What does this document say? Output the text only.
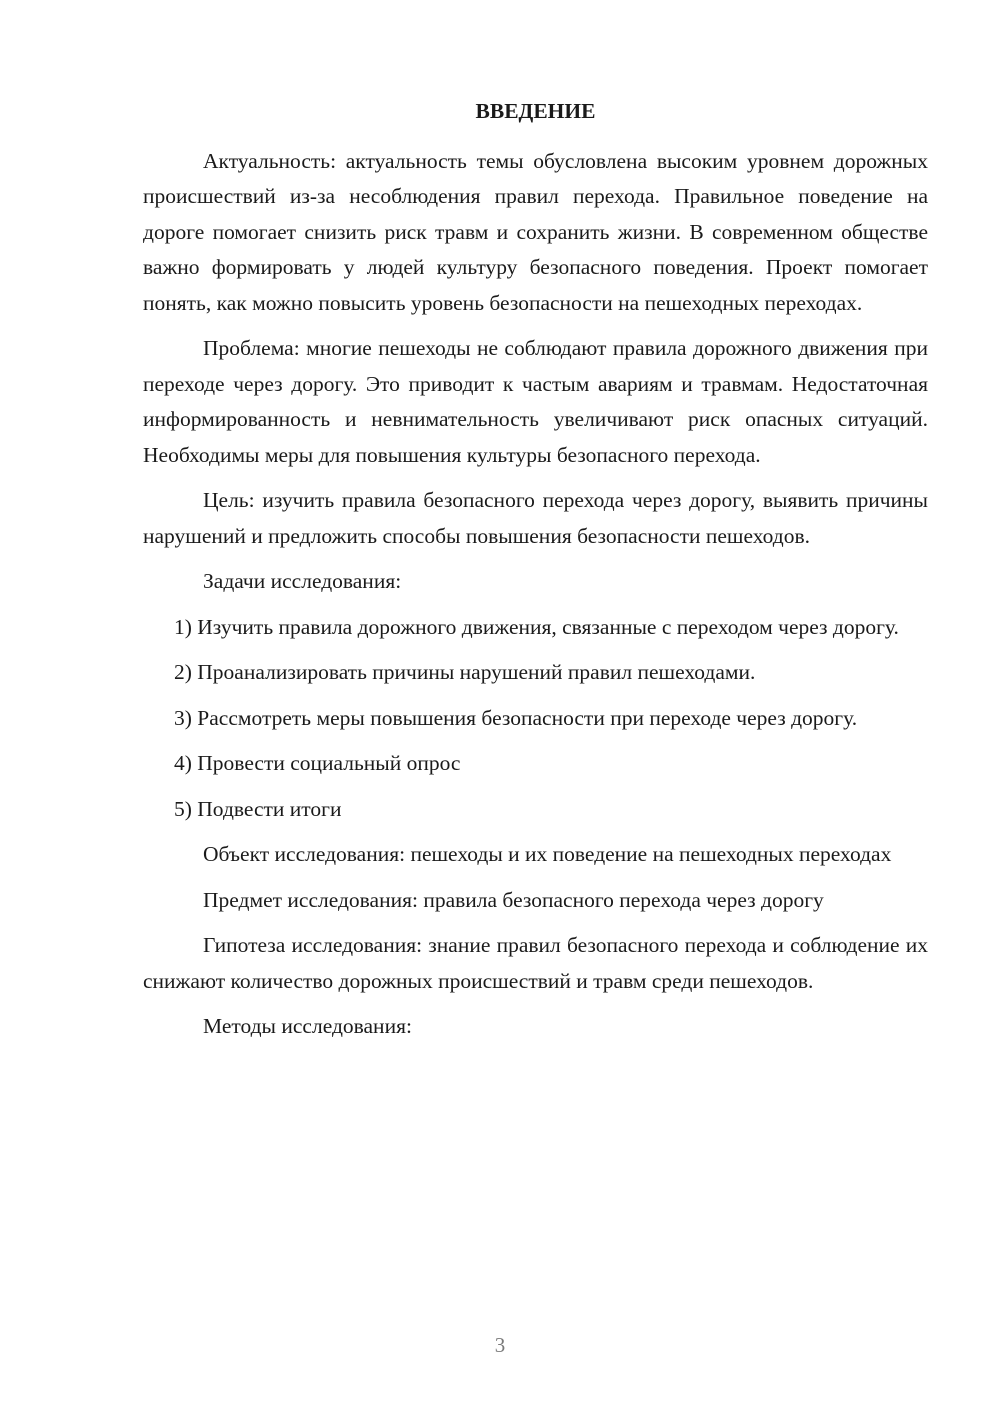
ВВЕДЕНИЕ

Актуальность: актуальность темы обусловлена высоким уровнем дорожных происшествий из-за несоблюдения правил перехода. Правильное поведение на дороге помогает снизить риск травм и сохранить жизни. В современном обществе важно формировать у людей культуру безопасного поведения. Проект помогает понять, как можно повысить уровень безопасности на пешеходных переходах.

Проблема: многие пешеходы не соблюдают правила дорожного движения при переходе через дорогу. Это приводит к частым авариям и травмам. Недостаточная информированность и невнимательность увеличивают риск опасных ситуаций. Необходимы меры для повышения культуры безопасного перехода.

Цель: изучить правила безопасного перехода через дорогу, выявить причины нарушений и предложить способы повышения безопасности пешеходов.

Задачи исследования:

1) Изучить правила дорожного движения, связанные с переходом через дорогу.

2) Проанализировать причины нарушений правил пешеходами.

3) Рассмотреть меры повышения безопасности при переходе через дорогу.

4) Провести социальный опрос

5) Подвести итоги

Объект исследования: пешеходы и их поведение на пешеходных переходах

Предмет исследования: правила безопасного перехода через дорогу

Гипотеза исследования: знание правил безопасного перехода и соблюдение их снижают количество дорожных происшествий и травм среди пешеходов.

Методы исследования:

3
